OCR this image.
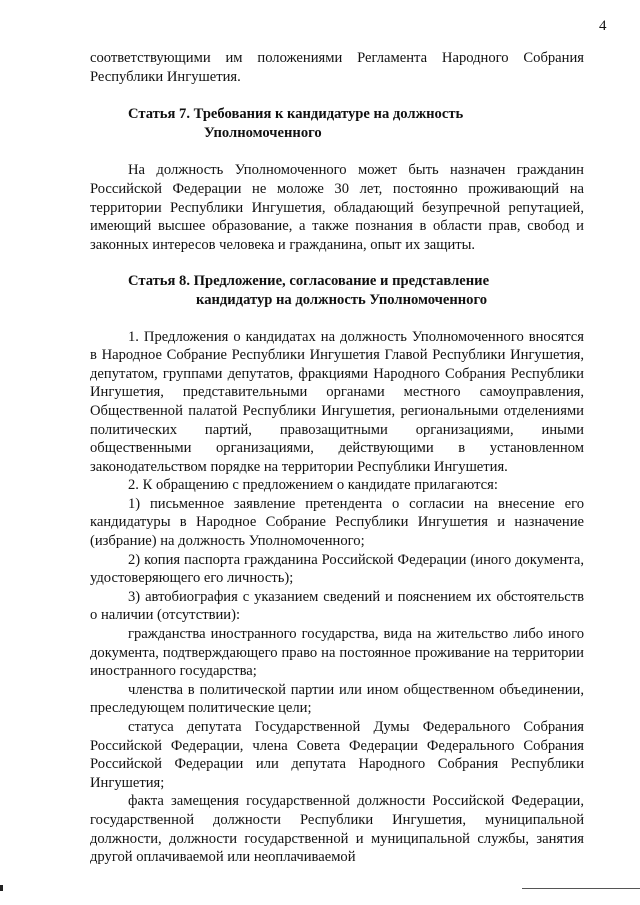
4

соответствующими им положениями Регламента Народного Собрания Республики Ингушетия.

Статья 7. Требования к кандидатуре на должность
Уполномоченного

На должность Уполномоченного может быть назначен гражданин Российской Федерации не моложе 30 лет, постоянно проживающий на территории Республики Ингушетия, обладающий безупречной репутацией, имеющий высшее образование, а также познания в области прав, свобод и законных интересов человека и гражданина, опыт их защиты.

Статья 8. Предложение, согласование и представление
кандидатур на должность Уполномоченного

1. Предложения о кандидатах на должность Уполномоченного вносятся в Народное Собрание Республики Ингушетия Главой Республики Ингушетия, депутатом, группами депутатов, фракциями Народного Собрания Республики Ингушетия, представительными органами местного самоуправления, Общественной палатой Республики Ингушетия, региональными отделениями политических партий, правозащитными организациями, иными общественными организациями, действующими в установленном законодательством порядке на территории Республики Ингушетия.

2. К обращению с предложением о кандидате прилагаются:

1) письменное заявление претендента о согласии на внесение его кандидатуры в Народное Собрание Республики Ингушетия и назначение (избрание) на должность Уполномоченного;

2) копия паспорта гражданина Российской Федерации (иного документа, удостоверяющего его личность);

3) автобиография с указанием сведений и пояснением их обстоятельств о наличии (отсутствии):

гражданства иностранного государства, вида на жительство либо иного документа, подтверждающего право на постоянное проживание на территории иностранного государства;

членства в политической партии или ином общественном объединении, преследующем политические цели;

статуса депутата Государственной Думы Федерального Собрания Российской Федерации, члена Совета Федерации Федерального Собрания Российской Федерации или депутата Народного Собрания Республики Ингушетия;

факта замещения государственной должности Российской Федерации, государственной должности Республики Ингушетия, муниципальной должности, должности государственной и муниципальной службы, занятия другой оплачиваемой или неоплачиваемой
